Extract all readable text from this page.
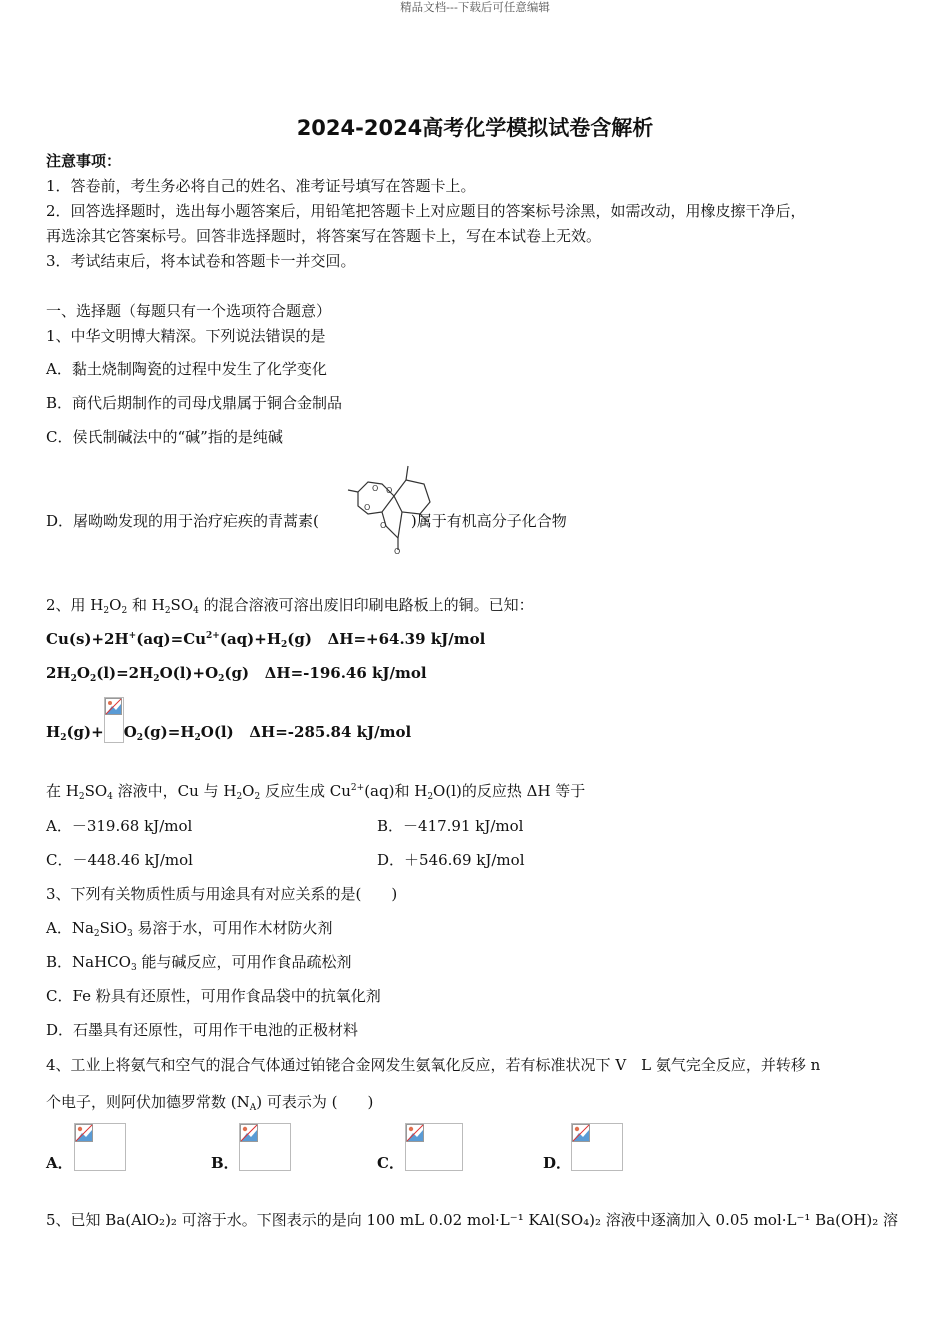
精品文档---下载后可任意编辑
2024-2024高考化学模拟试卷含解析
注意事项：
1．答卷前，考生务必将自己的姓名、准考证号填写在答题卡上。
2．回答选择题时，选出每小题答案后，用铅笔把答题卡上对应题目的答案标号涂黑，如需改动，用橡皮擦干净后，
再选涂其它答案标号。回答非选择题时，将答案写在答题卡上，写在本试卷上无效。
3．考试结束后，将本试卷和答题卡一并交回。
一、选择题（每题只有一个选项符合题意）
1、中华文明博大精深。下列说法错误的是
A．黏土烧制陶瓷的过程中发生了化学变化
B．商代后期制作的司母戊鼎属于铜合金制品
C．侯氏制碱法中的“碱”指的是纯碱
D．屠呦呦发现的用于治疗疟疾的青蒿素(	)属于有机高分子化合物
O O
O
O
O
2、用 $H_2O_2$ 和 $H_2SO_4$ 的混合溶液可溶出废旧印刷电路板上的铜。已知：
$Cu(s)+2H^+(aq)=Cu^{2+}(aq)+H_2(g)$   ΔH=+64.39 kJ/mol
$2H_2O_2(l)=2H_2O(l)+O_2(g)$   ΔH=-196.46 kJ/mol
$H_2(g)+ O_2(g)=H_2O(l)$   ΔH=-285.84 kJ/mol
在 $H_2SO_4$ 溶液中，Cu 与 $H_2O_2$ 反应生成 $Cu^{2+}(aq)$和 $H_2O(l)$的反应热 ΔH 等于
A．－319.68 kJ/mol	B．－417.91 kJ/mol
C．－448.46 kJ/mol	D．＋546.69 kJ/mol
3、下列有关物质性质与用途具有对应关系的是(　　)
A．$Na_2SiO_3$ 易溶于水，可用作木材防火剂
B．NaHCO$_3$ 能与碱反应，可用作食品疏松剂
C．Fe 粉具有还原性，可用作食品袋中的抗氧化剂
D．石墨具有还原性，可用作干电池的正极材料
4、工业上将氨气和空气的混合气体通过铂铑合金网发生氨氧化反应，若有标准状况下 V　L 氨气完全反应，并转移 n
个电子，则阿伏加德罗常数 $(N_A)$ 可表示为 (　　)
A．	B．	C．	D．
5、已知 Ba(AlO₂)₂ 可溶于水。下图表示的是向 100 mL 0.02 mol·L⁻¹ KAl(SO₄)₂ 溶液中逐滴加入 0.05 mol·L⁻¹ Ba(OH)₂ 溶
